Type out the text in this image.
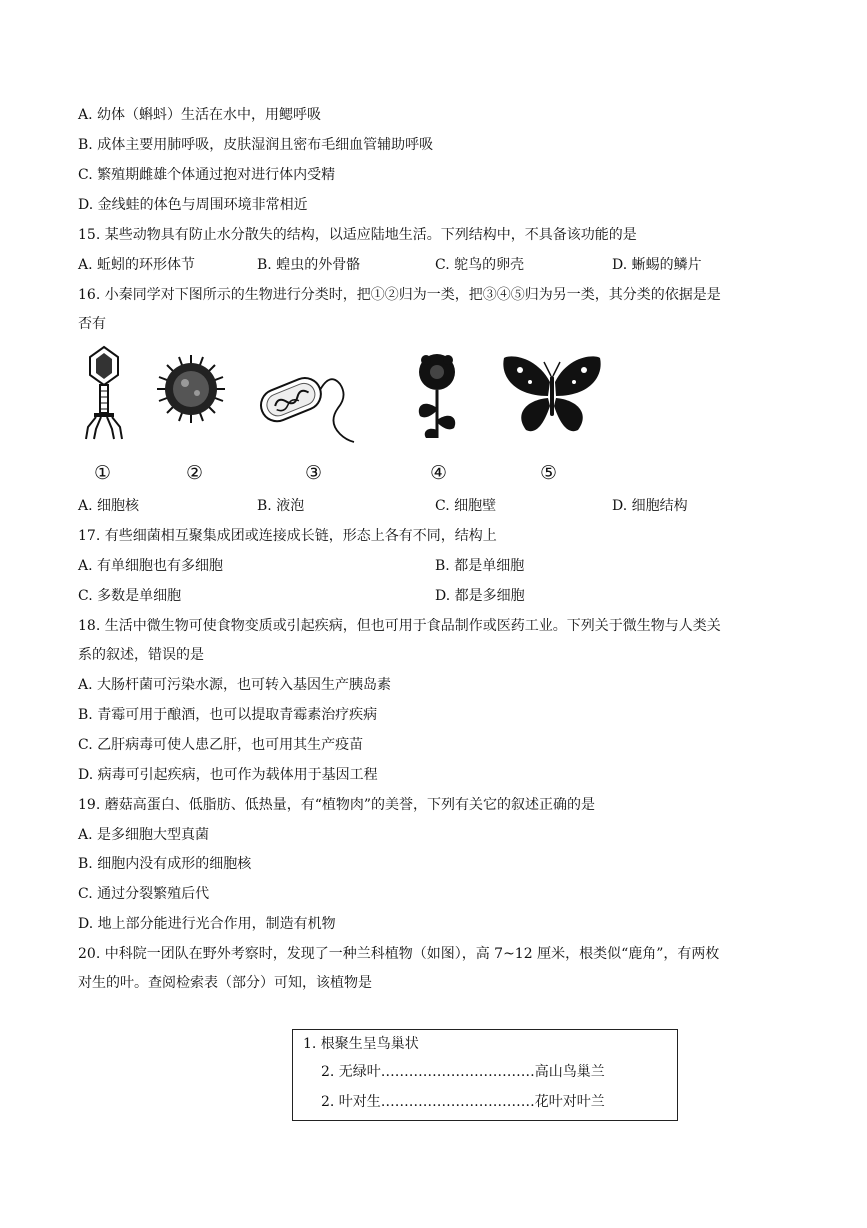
A. 幼体（蝌蚪）生活在水中，用鳃呼吸
B. 成体主要用肺呼吸，皮肤湿润且密布毛细血管辅助呼吸
C. 繁殖期雌雄个体通过抱对进行体内受精
D. 金线蛙的体色与周围环境非常相近
15. 某些动物具有防止水分散失的结构，以适应陆地生活。下列结构中，不具备该功能的是
A. 蚯蚓的环形体节	B. 蝗虫的外骨骼	C. 鸵鸟的卵壳	D. 蜥蜴的鳞片
16. 小秦同学对下图所示的生物进行分类时，把①②归为一类，把③④⑤归为另一类，其分类的依据是是
否有
①	②	③	④	⑤
A. 细胞核	B. 液泡	C. 细胞壁	D. 细胞结构
17. 有些细菌相互聚集成团或连接成长链，形态上各有不同，结构上
A. 有单细胞也有多细胞	B. 都是单细胞
C. 多数是单细胞	D. 都是多细胞
18. 生活中微生物可使食物变质或引起疾病，但也可用于食品制作或医药工业。下列关于微生物与人类关
系的叙述，错误的是
A. 大肠杆菌可污染水源，也可转入基因生产胰岛素
B. 青霉可用于酿酒，也可以提取青霉素治疗疾病
C. 乙肝病毒可使人患乙肝，也可用其生产疫苗
D. 病毒可引起疾病，也可作为载体用于基因工程
19. 蘑菇高蛋白、低脂肪、低热量，有“植物肉”的美誉，下列有关它的叙述正确的是
A. 是多细胞大型真菌
B. 细胞内没有成形的细胞核
C. 通过分裂繁殖后代
D. 地上部分能进行光合作用，制造有机物
20. 中科院一团队在野外考察时，发现了一种兰科植物（如图），高 7~12 厘米，根类似“鹿角”，有两枚
对生的叶。查阅检索表（部分）可知，该植物是
1. 根聚生呈鸟巢状
2. 无绿叶……………………………高山鸟巢兰
2. 叶对生……………………………花叶对叶兰
